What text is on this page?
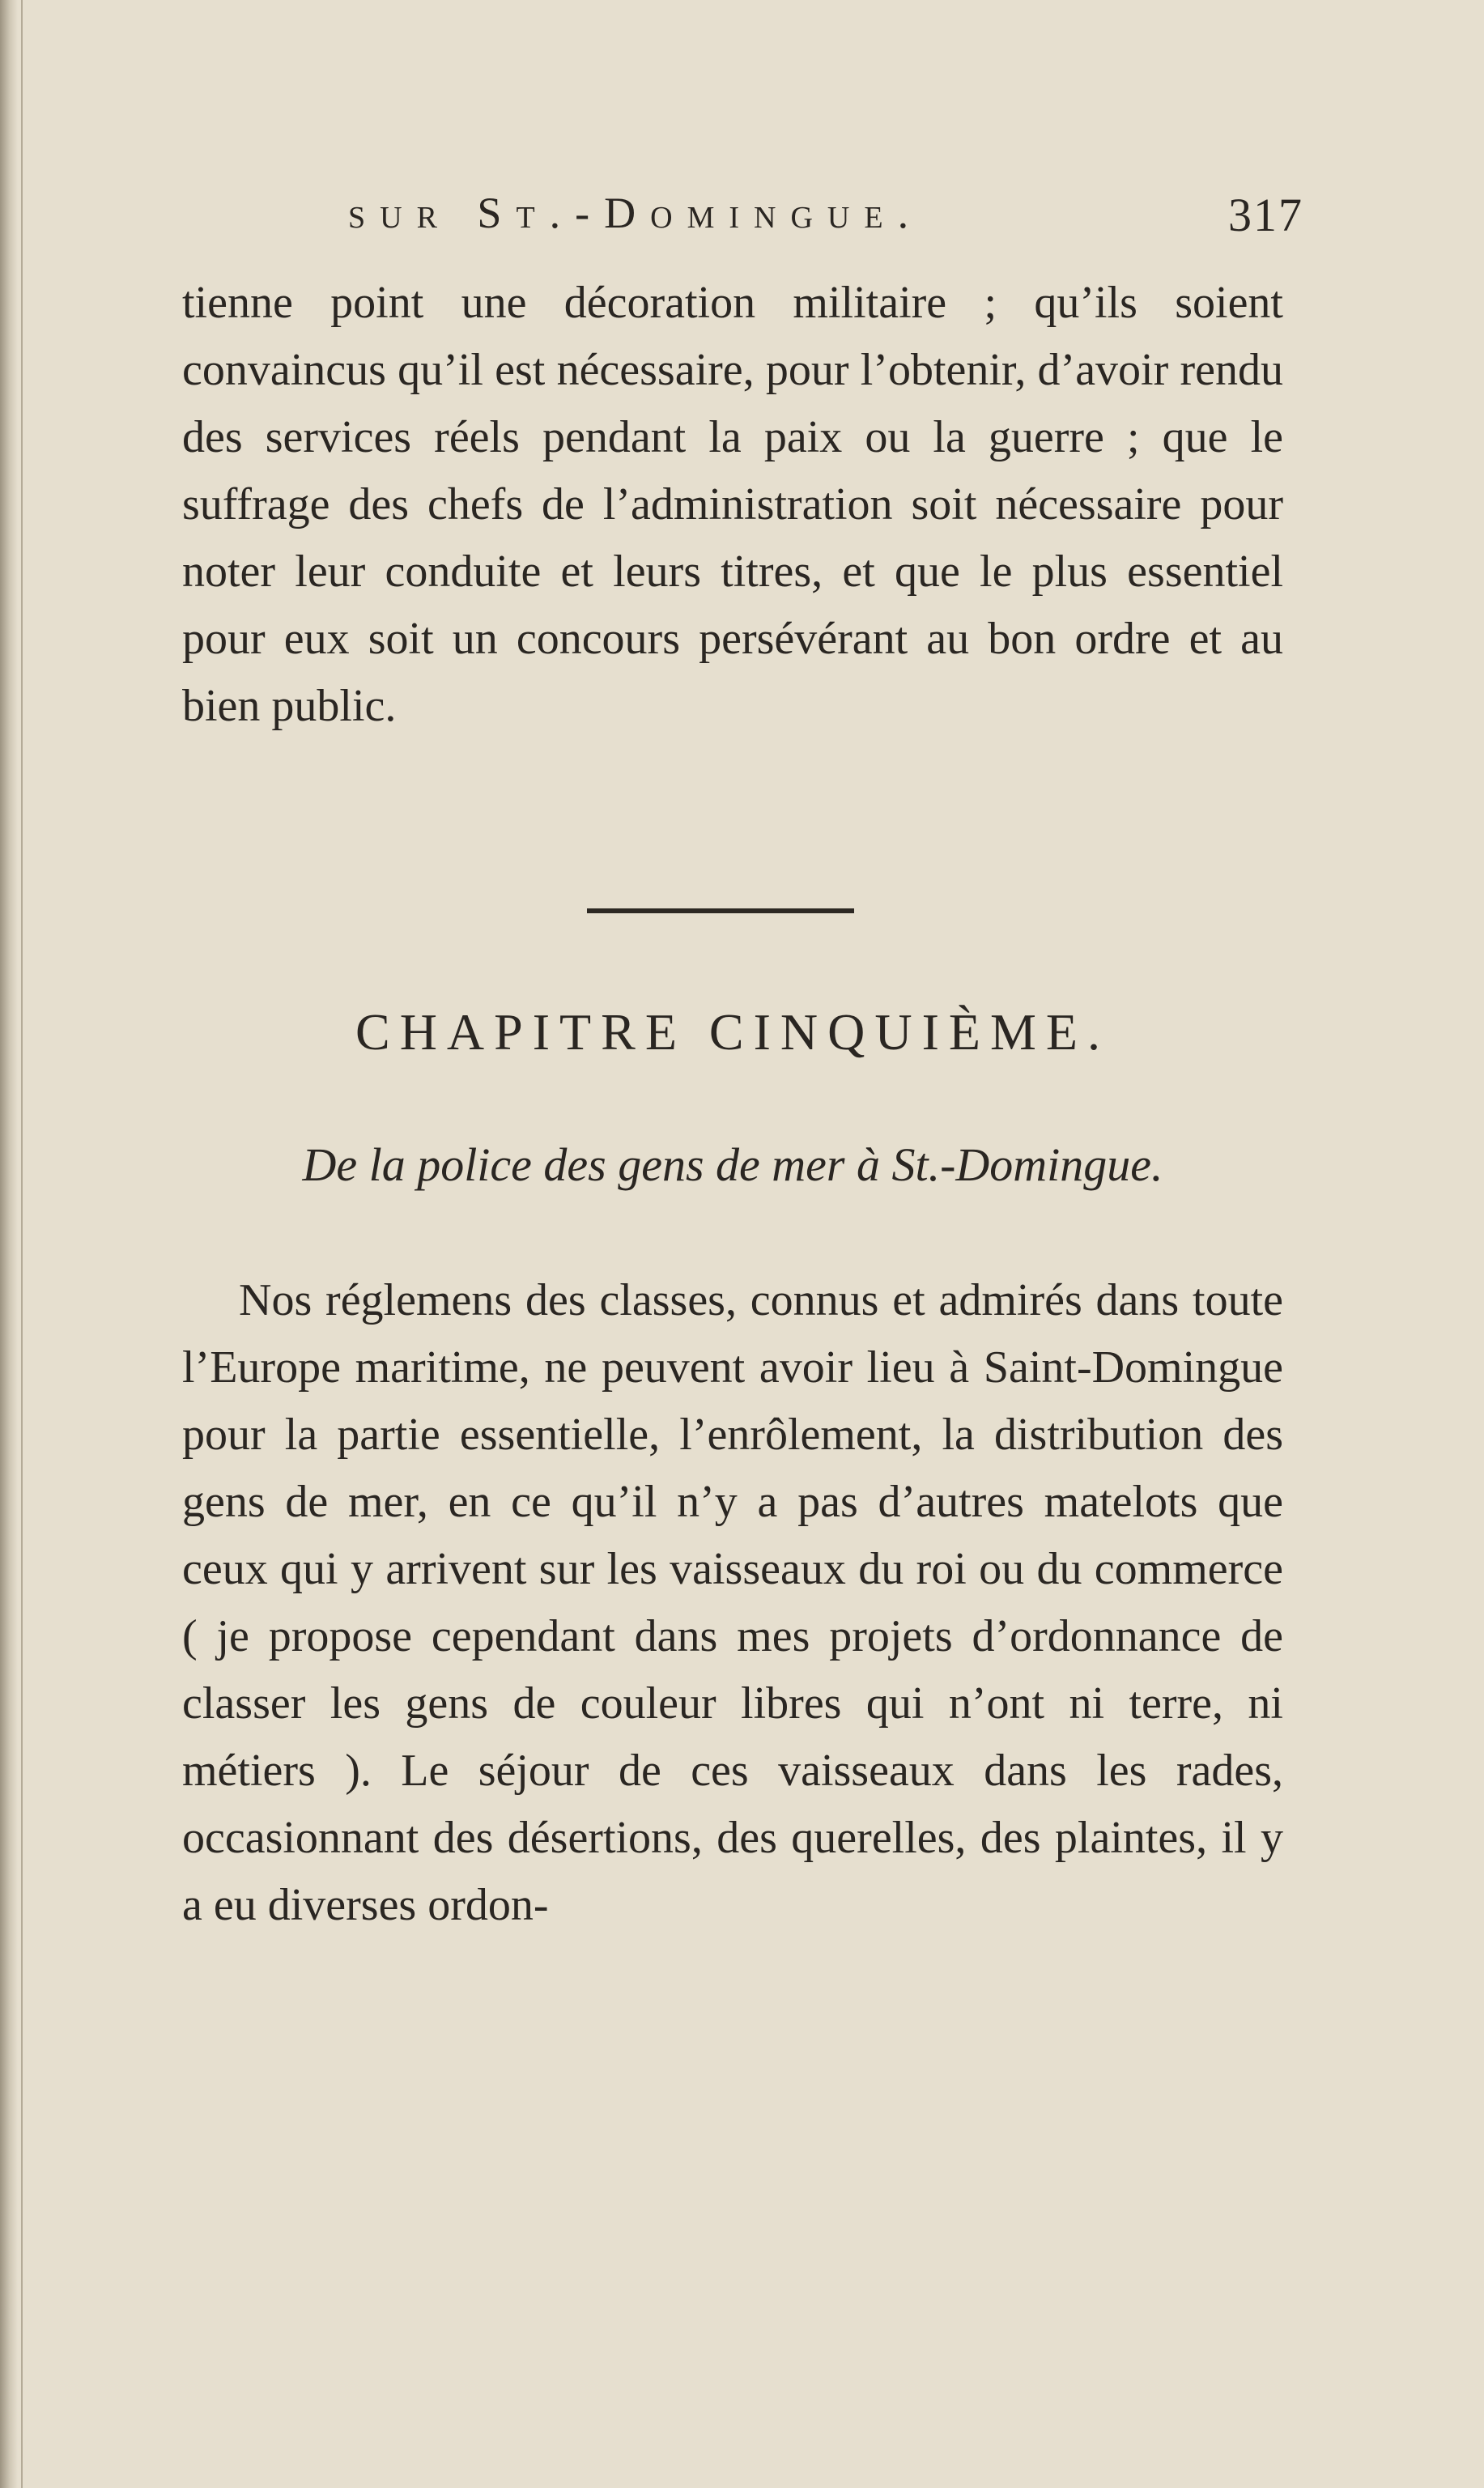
sur St.-Domingue.	317

tienne point une décoration militaire ; qu’ils soient convaincus qu’il est nécessaire, pour l’obtenir, d’avoir rendu des services réels pendant la paix ou la guerre ; que le suffrage des chefs de l’administration soit nécessaire pour noter leur conduite et leurs titres, et que le plus essentiel pour eux soit un concours persévérant au bon ordre et au bien public.

CHAPITRE CINQUIÈME.
De la police des gens de mer à St.-Domingue.

Nos réglemens des classes, connus et admirés dans toute l’Europe maritime, ne peuvent avoir lieu à Saint-Domingue pour la partie essentielle, l’enrôlement, la distribution des gens de mer, en ce qu’il n’y a pas d’autres matelots que ceux qui y arrivent sur les vaisseaux du roi ou du commerce ( je propose cependant dans mes projets d’ordonnance de classer les gens de couleur libres qui n’ont ni terre, ni métiers ). Le séjour de ces vaisseaux dans les rades, occasionnant des désertions, des querelles, des plaintes, il y a eu diverses ordon-
